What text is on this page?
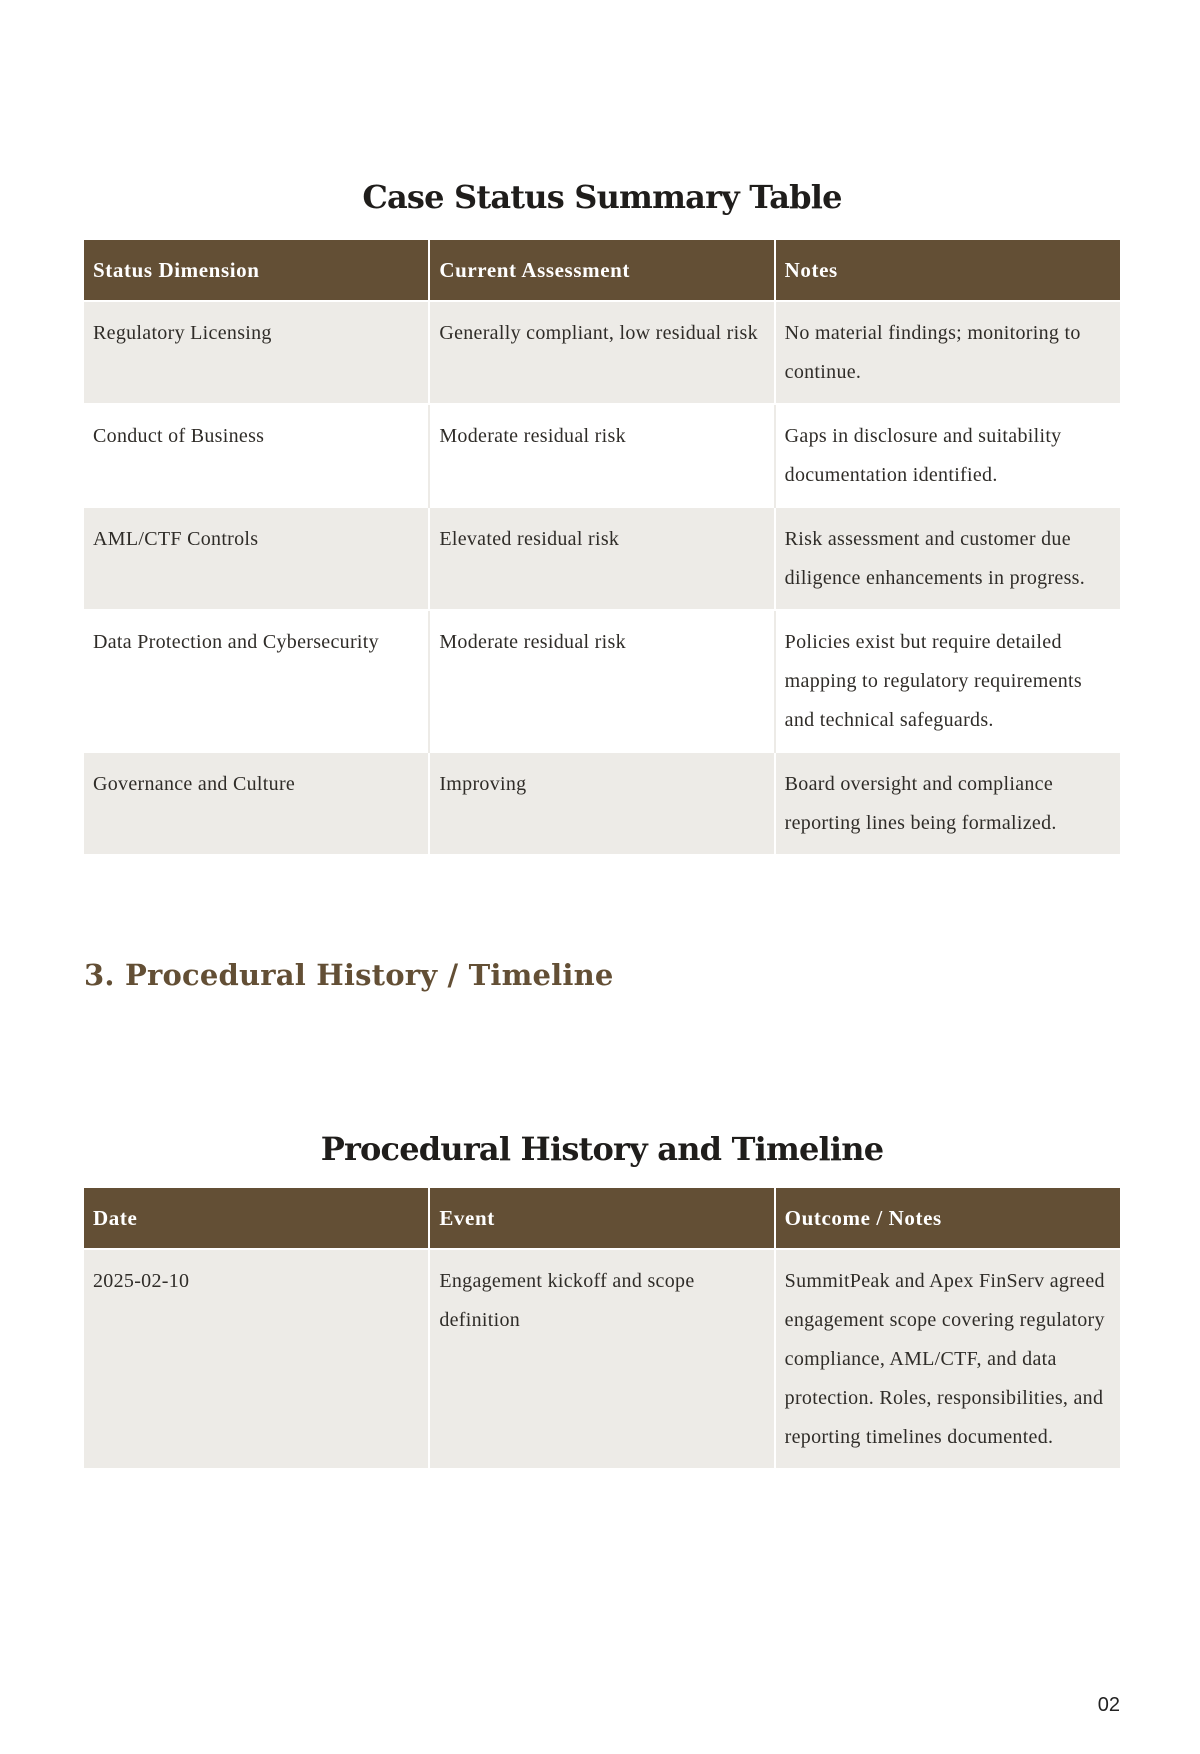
Case Status Summary Table
Status Dimension	Current Assessment	Notes
Regulatory Licensing	Generally compliant, low residual risk	No material findings; monitoring to continue.
Conduct of Business	Moderate residual risk	Gaps in disclosure and suitability documentation identified.
AML/CTF Controls	Elevated residual risk	Risk assessment and customer due diligence enhancements in progress.
Data Protection and Cybersecurity	Moderate residual risk	Policies exist but require detailed mapping to regulatory requirements and technical safeguards.
Governance and Culture	Improving	Board oversight and compliance reporting lines being formalized.
3. Procedural History / Timeline
Procedural History and Timeline
Date	Event	Outcome / Notes
2025-02-10	Engagement kickoff and scope definition	SummitPeak and Apex FinServ agreed engagement scope covering regulatory compliance, AML/CTF, and data protection. Roles, responsibilities, and reporting timelines documented.
02
